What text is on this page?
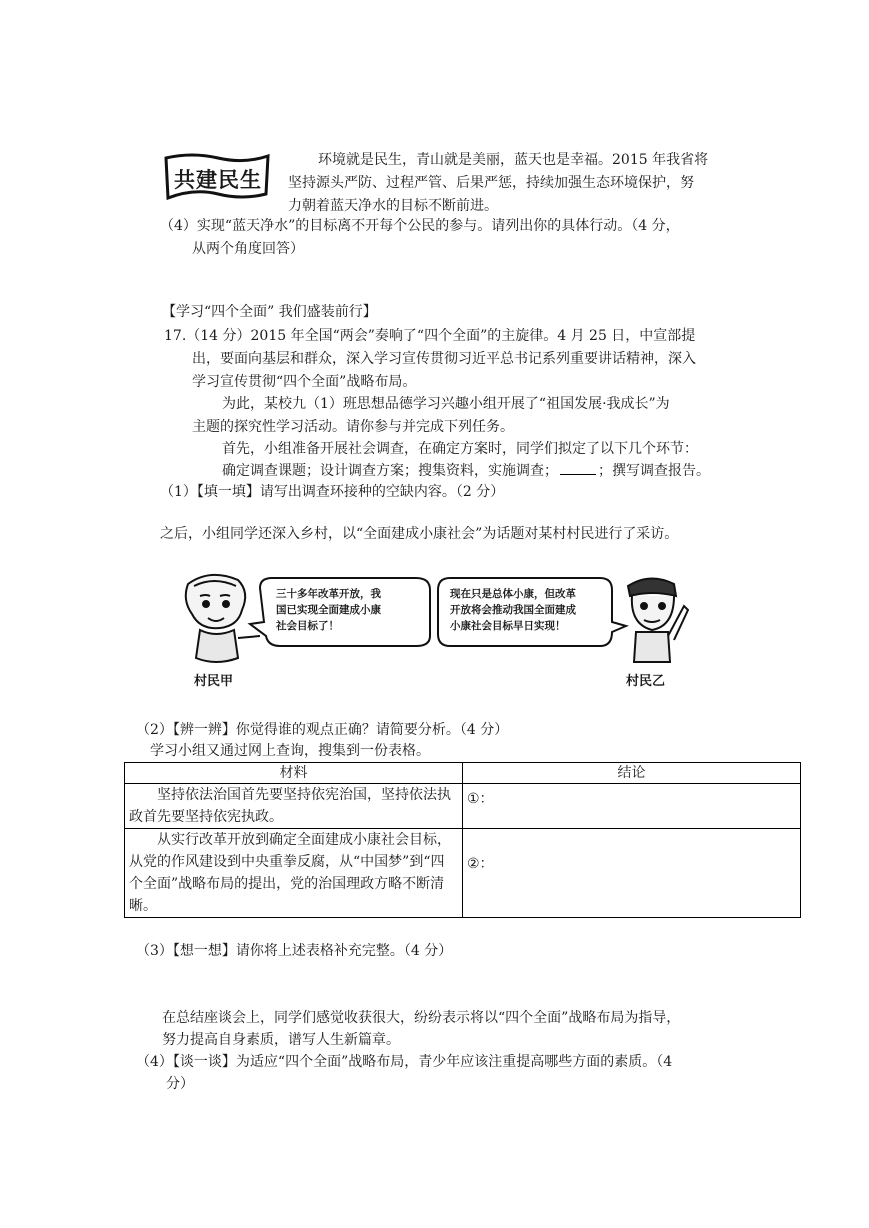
共建民生
环境就是民生，青山就是美丽，蓝天也是幸福。2015 年我省将
坚持源头严防、过程严管、后果严惩，持续加强生态环境保护，努
力朝着蓝天净水的目标不断前进。
（4）实现“蓝天净水”的目标离不开每个公民的参与。请列出你的具体行动。（4 分，
从两个角度回答）
【学习“四个全面” 我们盛装前行】
17.（14 分）2015 年全国“两会”奏响了“四个全面”的主旋律。4 月 25 日，中宣部提
出，要面向基层和群众，深入学习宣传贯彻习近平总书记系列重要讲话精神，深入
学习宣传贯彻“四个全面”战略布局。
为此，某校九（1）班思想品德学习兴趣小组开展了“祖国发展·我成长”为
主题的探究性学习活动。请你参与并完成下列任务。
首先，小组准备开展社会调查，在确定方案时，同学们拟定了以下几个环节：
确定调查课题；设计调查方案；搜集资料，实施调查；	；撰写调查报告。
（1）【填一填】请写出调查环接种的空缺内容。（2 分）
之后，小组同学还深入乡村，以“全面建成小康社会”为话题对某村村民进行了采访。
三十多年改革开放，我
国已实现全面建成小康
社会目标了！
现在只是总体小康，但改革
开放将会推动我国全面建成
小康社会目标早日实现！
村民甲	村民乙
（2）【辨一辨】你觉得谁的观点正确？请简要分析。（4 分）
学习小组又通过网上查询，搜集到一份表格。
材料	结论
坚持依法治国首先要坚持依宪治国，坚持依法执政首先要坚持依宪执政。	①：
从实行改革开放到确定全面建成小康社会目标，从党的作风建设到中央重拳反腐，从“中国梦”到“四个全面”战略布局的提出，党的治国理政方略不断清晰。	②：
（3）【想一想】请你将上述表格补充完整。（4 分）
在总结座谈会上，同学们感觉收获很大，纷纷表示将以“四个全面”战略布局为指导，
努力提高自身素质，谱写人生新篇章。
（4）【谈一谈】为适应“四个全面”战略布局，青少年应该注重提高哪些方面的素质。（4
分）
